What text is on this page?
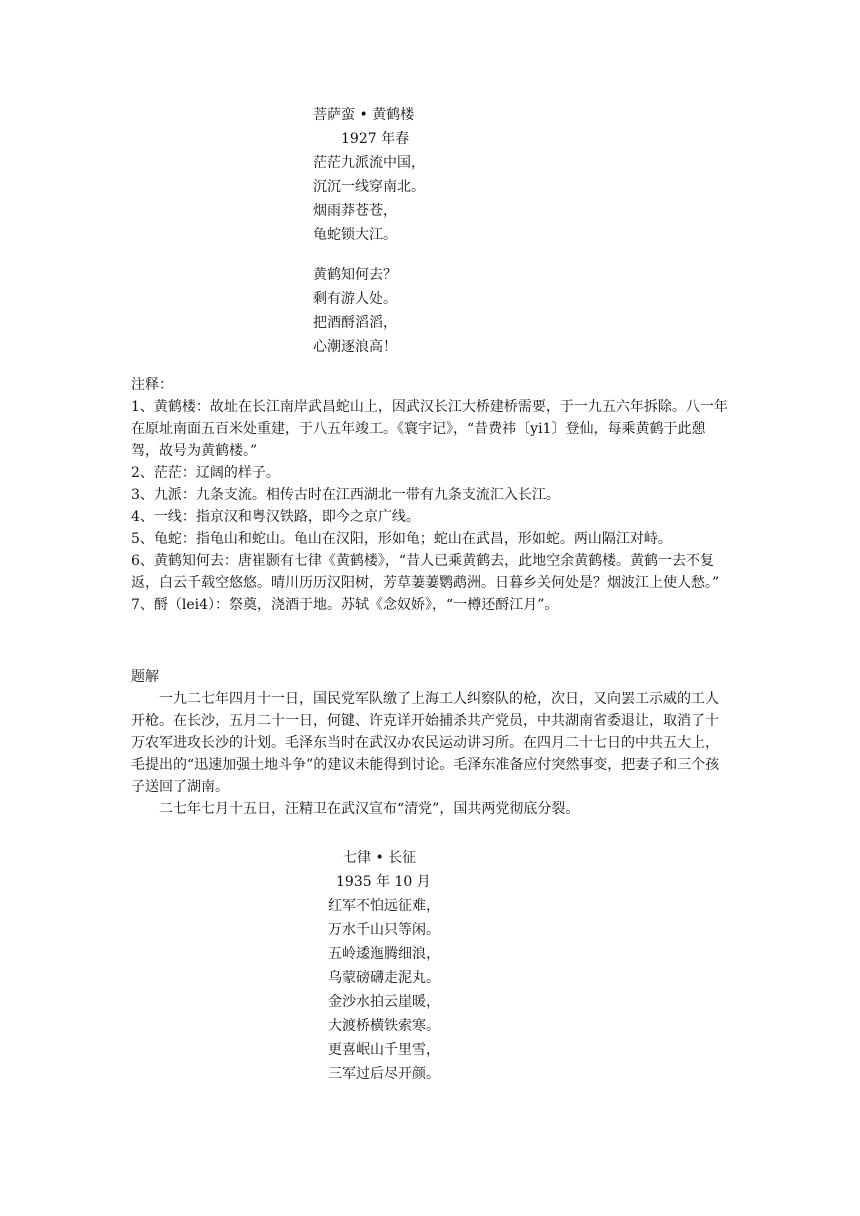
菩萨蛮 • 黄鹤楼
1927 年春
茫茫九派流中国，
沉沉一线穿南北。
烟雨莽苍苍，
龟蛇锁大江。
黄鹤知何去？
剩有游人处。
把酒酹滔滔，
心潮逐浪高！

注释：

1、黄鹤楼：故址在长江南岸武昌蛇山上，因武汉长江大桥建桥需要，于一九五六年拆除。八一年在原址南面五百米处重建，于八五年竣工。《寰宇记》，“昔费祎〔yi1〕登仙，每乘黄鹤于此憩驾，故号为黄鹤楼。”

2、茫茫：辽阔的样子。

3、九派：九条支流。相传古时在江西湖北一带有九条支流汇入长江。

4、一线：指京汉和粤汉铁路，即今之京广线。

5、龟蛇：指龟山和蛇山。龟山在汉阳，形如龟；蛇山在武昌，形如蛇。两山隔江对峙。

6、黄鹤知何去：唐崔颢有七律《黄鹤楼》，“昔人已乘黄鹤去，此地空余黄鹤楼。黄鹤一去不复返，白云千载空悠悠。晴川历历汉阳树，芳草萋萋鹦鹉洲。日暮乡关何处是？烟波江上使人愁。”

7、酹（lei4）：祭奠，浇酒于地。苏轼《念奴娇》，“一樽还酹江月”。

题解

一九二七年四月十一日，国民党军队缴了上海工人纠察队的枪，次日，又向罢工示威的工人开枪。在长沙，五月二十一日，何键、许克详开始捕杀共产党员，中共湖南省委退让，取消了十万农军进攻长沙的计划。毛泽东当时在武汉办农民运动讲习所。在四月二十七日的中共五大上，毛提出的“迅速加强土地斗争”的建议未能得到讨论。毛泽东准备应付突然事变，把妻子和三个孩子送回了湖南。

二七年七月十五日，汪精卫在武汉宣布“清党”，国共两党彻底分裂。

七律 • 长征
1935 年 10 月
红军不怕远征难，
万水千山只等闲。
五岭逶迤腾细浪，
乌蒙磅礴走泥丸。
金沙水拍云崖暖，
大渡桥横铁索寒。
更喜岷山千里雪，
三军过后尽开颜。
